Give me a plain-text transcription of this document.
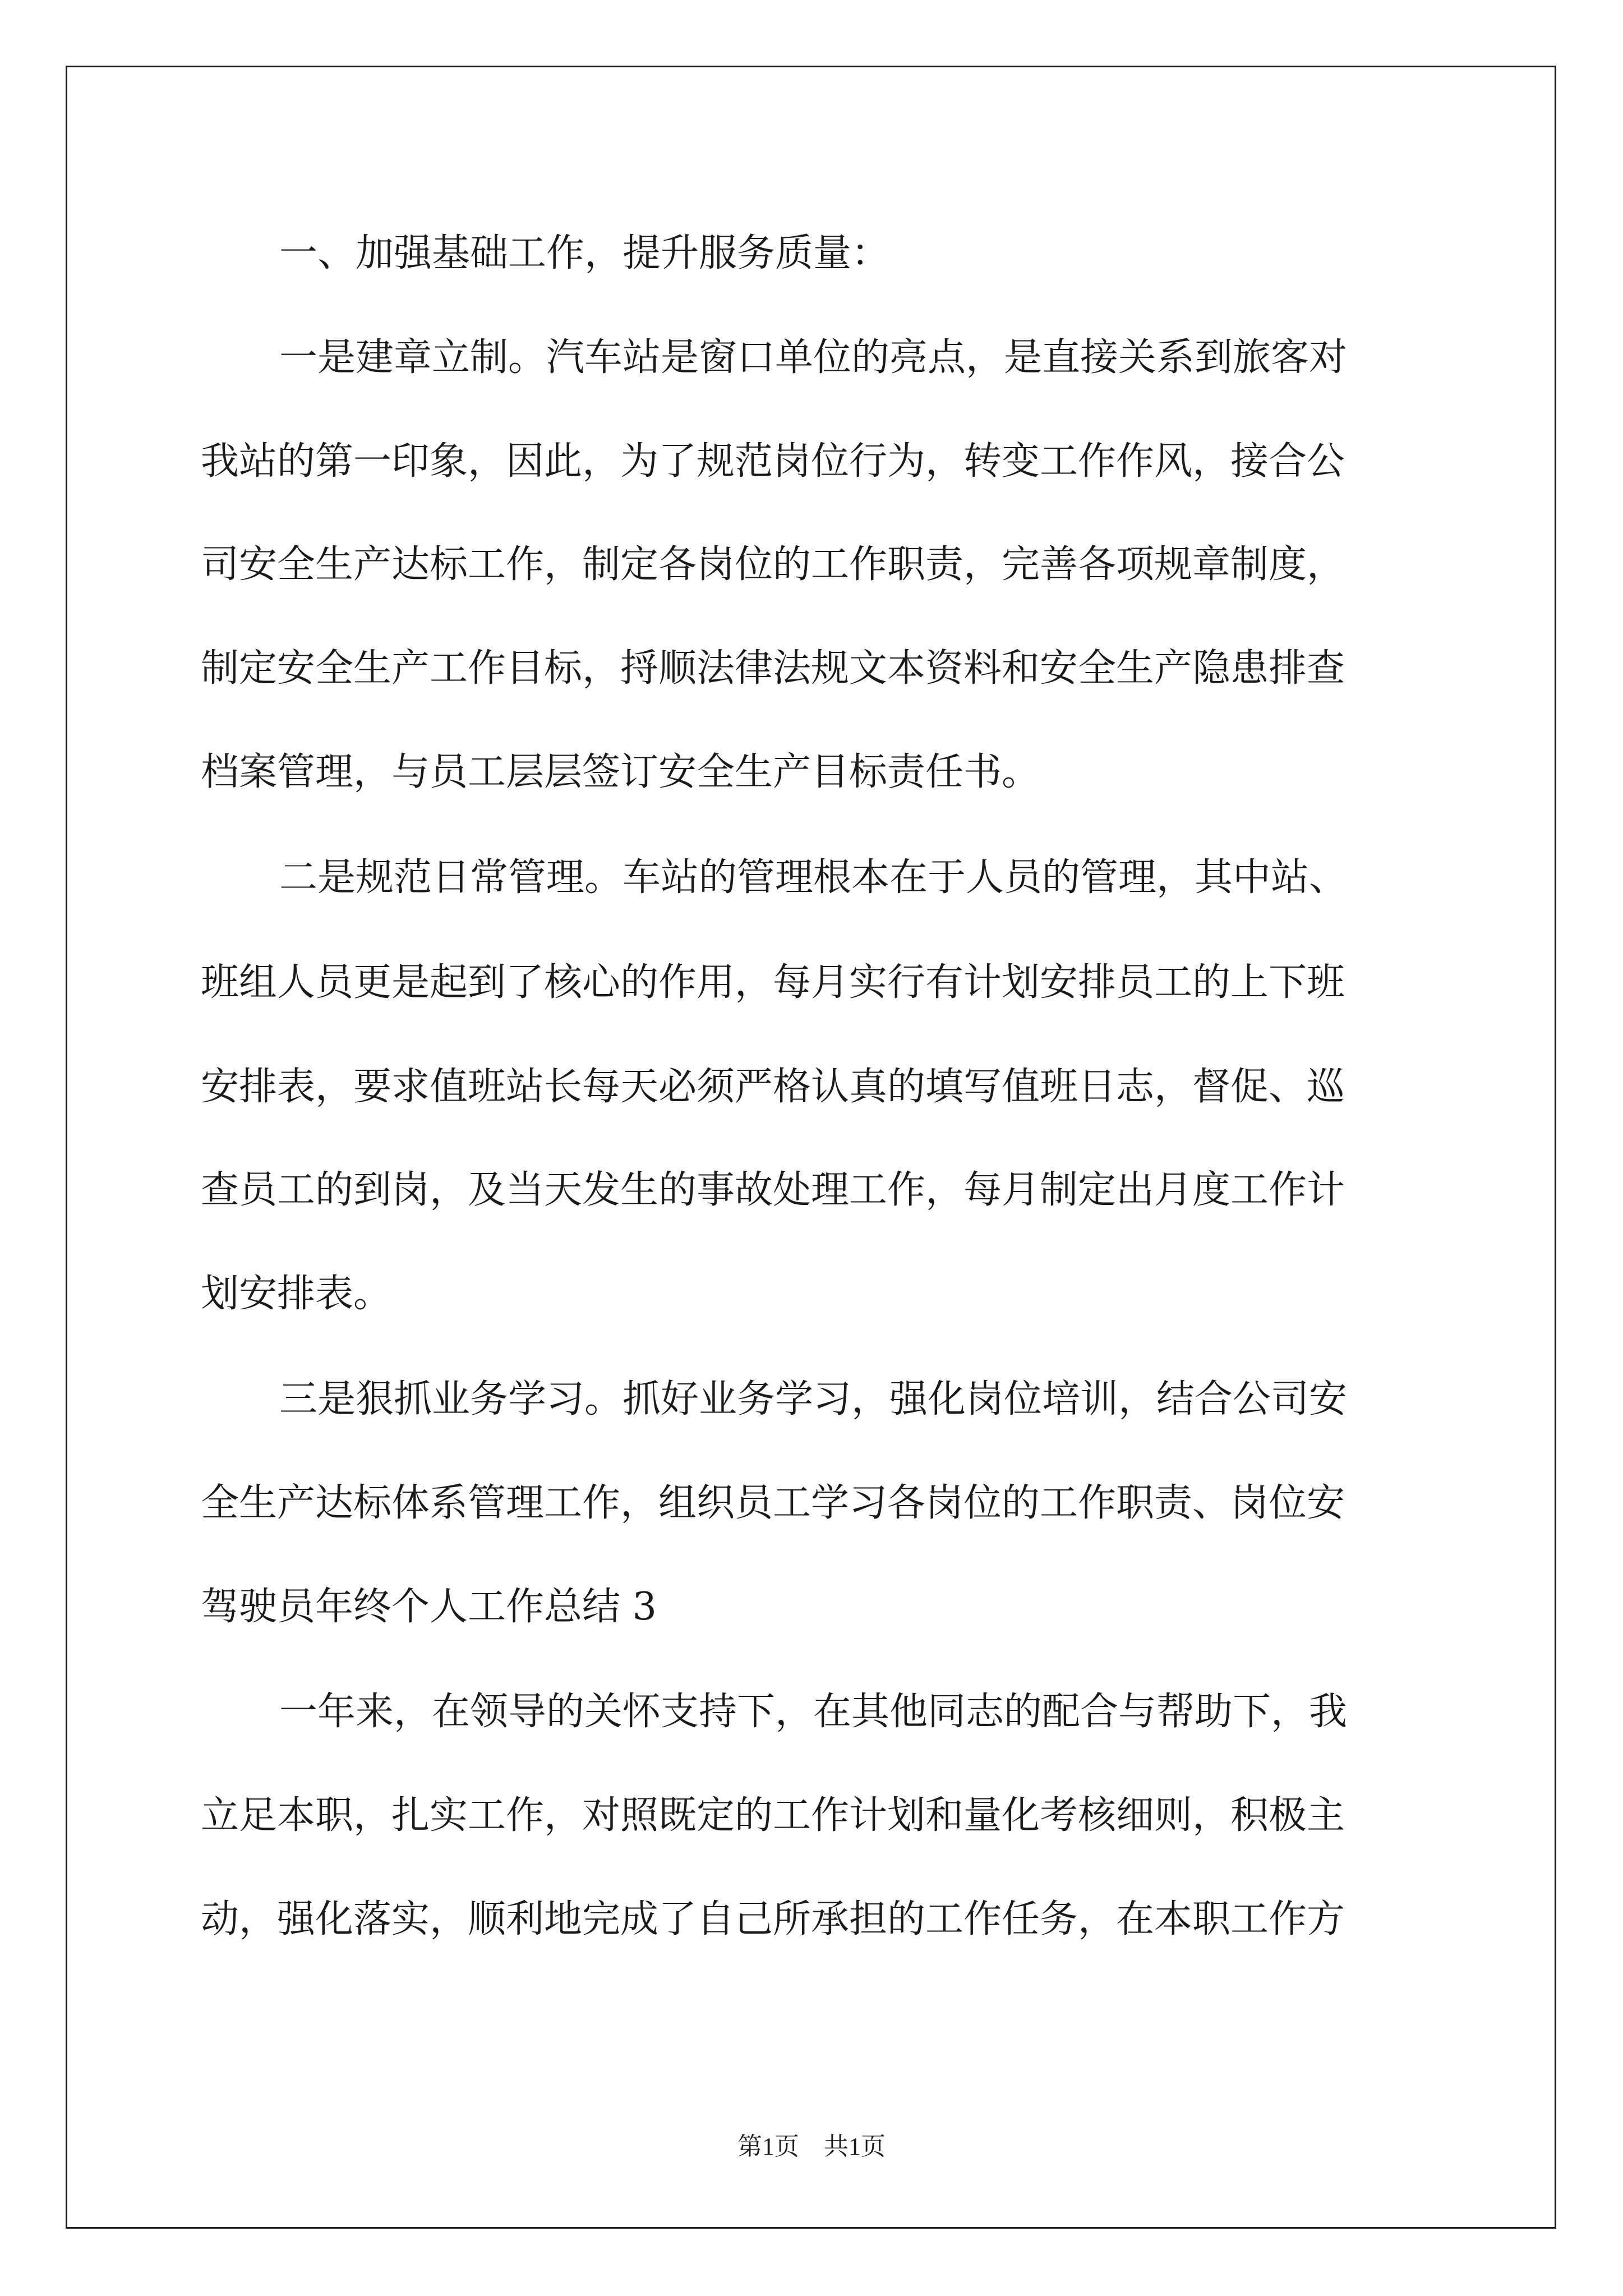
一、加强基础工作，提升服务质量：
一是建章立制。汽车站是窗口单位的亮点，是直接关系到旅客对
我站的第一印象，因此，为了规范岗位行为，转变工作作风，接合公
司安全生产达标工作，制定各岗位的工作职责，完善各项规章制度，
制定安全生产工作目标，捋顺法律法规文本资料和安全生产隐患排查
档案管理，与员工层层签订安全生产目标责任书。
二是规范日常管理。车站的管理根本在于人员的管理，其中站、
班组人员更是起到了核心的作用，每月实行有计划安排员工的上下班
安排表，要求值班站长每天必须严格认真的填写值班日志，督促、巡
查员工的到岗，及当天发生的事故处理工作，每月制定出月度工作计
划安排表。
三是狠抓业务学习。抓好业务学习，强化岗位培训，结合公司安
全生产达标体系管理工作，组织员工学习各岗位的工作职责、岗位安
驾驶员年终个人工作总结 3
一年来，在领导的关怀支持下，在其他同志的配合与帮助下，我
立足本职，扎实工作，对照既定的工作计划和量化考核细则，积极主
动，强化落实，顺利地完成了自己所承担的工作任务，在本职工作方
第1页　共1页
